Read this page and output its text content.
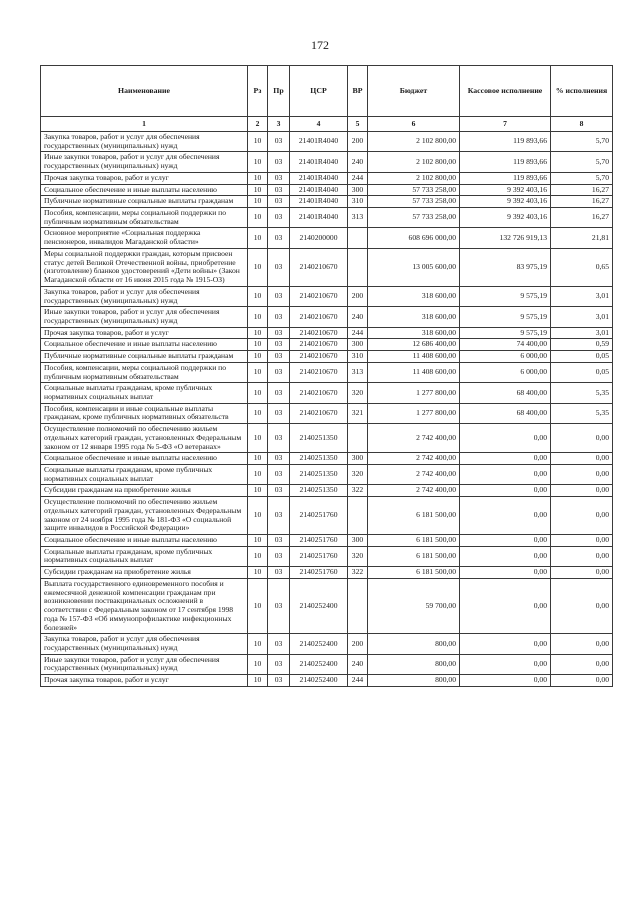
172
Наименование	Рз	Пр	ЦСР	ВР	Бюджет	Кассовое исполнение	% исполнения
1	2	3	4	5	6	7	8
Закупка товаров, работ и услуг для обеспечения государственных (муниципальных) нужд	10	03	21401R4040	200	2 102 800,00	119 893,66	5,70
Иные закупки товаров, работ и услуг для обеспечения государственных (муниципальных) нужд	10	03	21401R4040	240	2 102 800,00	119 893,66	5,70
Прочая закупка товаров, работ и услуг	10	03	21401R4040	244	2 102 800,00	119 893,66	5,70
Социальное обеспечение и иные выплаты населению	10	03	21401R4040	300	57 733 258,00	9 392 403,16	16,27
Публичные нормативные социальные выплаты гражданам	10	03	21401R4040	310	57 733 258,00	9 392 403,16	16,27
Пособия, компенсации, меры социальной поддержки по публичным нормативным обязательствам	10	03	21401R4040	313	57 733 258,00	9 392 403,16	16,27
Основное мероприятие «Социальная поддержка пенсионеров, инвалидов Магаданской области»	10	03	2140200000		608 696 000,00	132 726 919,13	21,81
Меры социальной поддержки граждан, которым присвоен статус детей Великой Отечественной войны, приобретение (изготовление) бланков удостоверений «Дети войны» (Закон Магаданской области от 16 июня 2015 года № 1915-ОЗ)	10	03	2140210670		13 005 600,00	83 975,19	0,65
Закупка товаров, работ и услуг для обеспечения государственных (муниципальных) нужд	10	03	2140210670	200	318 600,00	9 575,19	3,01
Иные закупки товаров, работ и услуг для обеспечения государственных (муниципальных) нужд	10	03	2140210670	240	318 600,00	9 575,19	3,01
Прочая закупка товаров, работ и услуг	10	03	2140210670	244	318 600,00	9 575,19	3,01
Социальное обеспечение и иные выплаты населению	10	03	2140210670	300	12 686 400,00	74 400,00	0,59
Публичные нормативные социальные выплаты гражданам	10	03	2140210670	310	11 408 600,00	6 000,00	0,05
Пособия, компенсации, меры социальной поддержки по публичным нормативным обязательствам	10	03	2140210670	313	11 408 600,00	6 000,00	0,05
Социальные выплаты гражданам, кроме публичных нормативных социальных выплат	10	03	2140210670	320	1 277 800,00	68 400,00	5,35
Пособия, компенсации и иные социальные выплаты гражданам, кроме публичных нормативных обязательств	10	03	2140210670	321	1 277 800,00	68 400,00	5,35
Осуществление полномочий по обеспечению жильем отдельных категорий граждан, установленных Федеральным законом от 12 января 1995 года № 5-ФЗ «О ветеранах»	10	03	2140251350		2 742 400,00	0,00	0,00
Социальное обеспечение и иные выплаты населению	10	03	2140251350	300	2 742 400,00	0,00	0,00
Социальные выплаты гражданам, кроме публичных нормативных социальных выплат	10	03	2140251350	320	2 742 400,00	0,00	0,00
Субсидии гражданам на приобретение жилья	10	03	2140251350	322	2 742 400,00	0,00	0,00
Осуществление полномочий по обеспечению жильем отдельных категорий граждан, установленных Федеральным законом от 24 ноября 1995 года № 181-ФЗ «О социальной защите инвалидов в Российской Федерации»	10	03	2140251760		6 181 500,00	0,00	0,00
Социальное обеспечение и иные выплаты населению	10	03	2140251760	300	6 181 500,00	0,00	0,00
Социальные выплаты гражданам, кроме публичных нормативных социальных выплат	10	03	2140251760	320	6 181 500,00	0,00	0,00
Субсидии гражданам на приобретение жилья	10	03	2140251760	322	6 181 500,00	0,00	0,00
Выплата государственного единовременного пособия и ежемесячной денежной компенсации гражданам при возникновении поствакцинальных осложнений в соответствии с Федеральным законом от 17 сентября 1998 года № 157-ФЗ «Об иммунопрофилактике инфекционных болезней»	10	03	2140252400		59 700,00	0,00	0,00
Закупка товаров, работ и услуг для обеспечения государственных (муниципальных) нужд	10	03	2140252400	200	800,00	0,00	0,00
Иные закупки товаров, работ и услуг для обеспечения государственных (муниципальных) нужд	10	03	2140252400	240	800,00	0,00	0,00
Прочая закупка товаров, работ и услуг	10	03	2140252400	244	800,00	0,00	0,00
